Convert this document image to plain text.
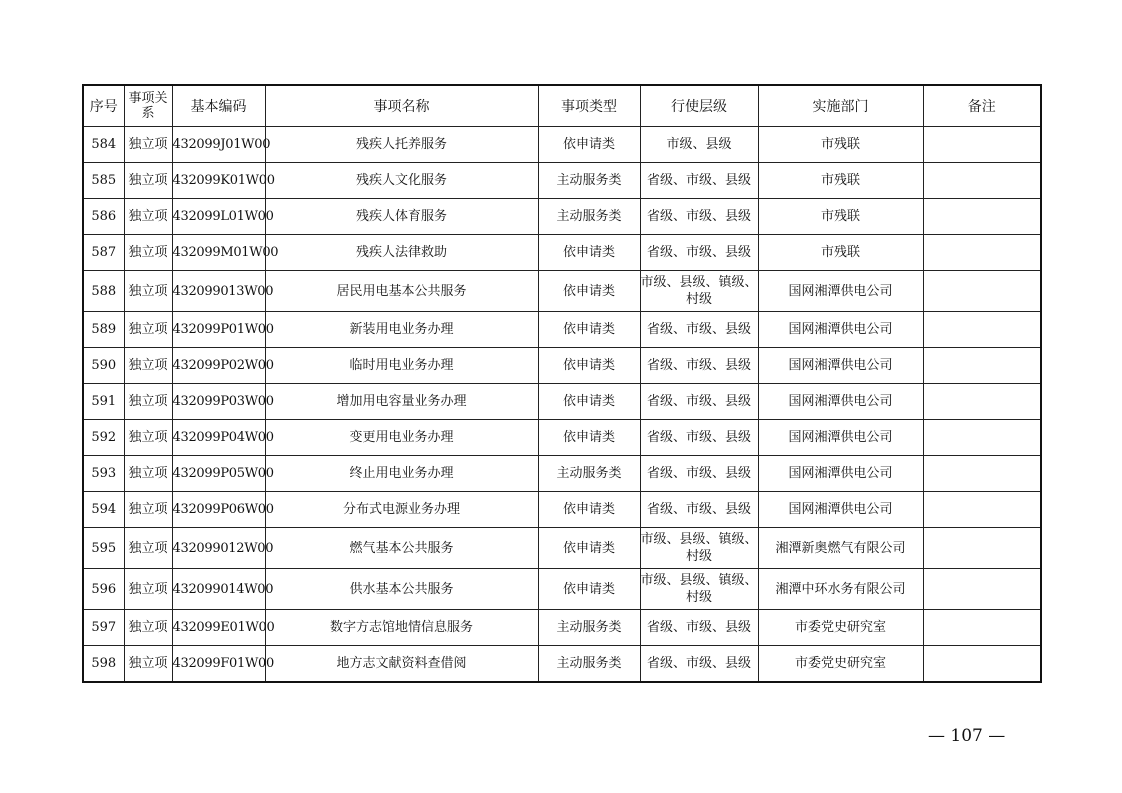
序号	事项关系	基本编码	事项名称	事项类型	行使层级	实施部门	备注
584	独立项	432099J01W00	残疾人托养服务	依申请类	市级、县级	市残联	
585	独立项	432099K01W00	残疾人文化服务	主动服务类	省级、市级、县级	市残联	
586	独立项	432099L01W00	残疾人体育服务	主动服务类	省级、市级、县级	市残联	
587	独立项	432099M01W00	残疾人法律救助	依申请类	省级、市级、县级	市残联	
588	独立项	432099013W00	居民用电基本公共服务	依申请类	市级、县级、镇级、村级	国网湘潭供电公司	
589	独立项	432099P01W00	新装用电业务办理	依申请类	省级、市级、县级	国网湘潭供电公司	
590	独立项	432099P02W00	临时用电业务办理	依申请类	省级、市级、县级	国网湘潭供电公司	
591	独立项	432099P03W00	增加用电容量业务办理	依申请类	省级、市级、县级	国网湘潭供电公司	
592	独立项	432099P04W00	变更用电业务办理	依申请类	省级、市级、县级	国网湘潭供电公司	
593	独立项	432099P05W00	终止用电业务办理	主动服务类	省级、市级、县级	国网湘潭供电公司	
594	独立项	432099P06W00	分布式电源业务办理	依申请类	省级、市级、县级	国网湘潭供电公司	
595	独立项	432099012W00	燃气基本公共服务	依申请类	市级、县级、镇级、村级	湘潭新奥燃气有限公司	
596	独立项	432099014W00	供水基本公共服务	依申请类	市级、县级、镇级、村级	湘潭中环水务有限公司	
597	独立项	432099E01W00	数字方志馆地情信息服务	主动服务类	省级、市级、县级	市委党史研究室	
598	独立项	432099F01W00	地方志文献资料查借阅	主动服务类	省级、市级、县级	市委党史研究室	
— 107 —
